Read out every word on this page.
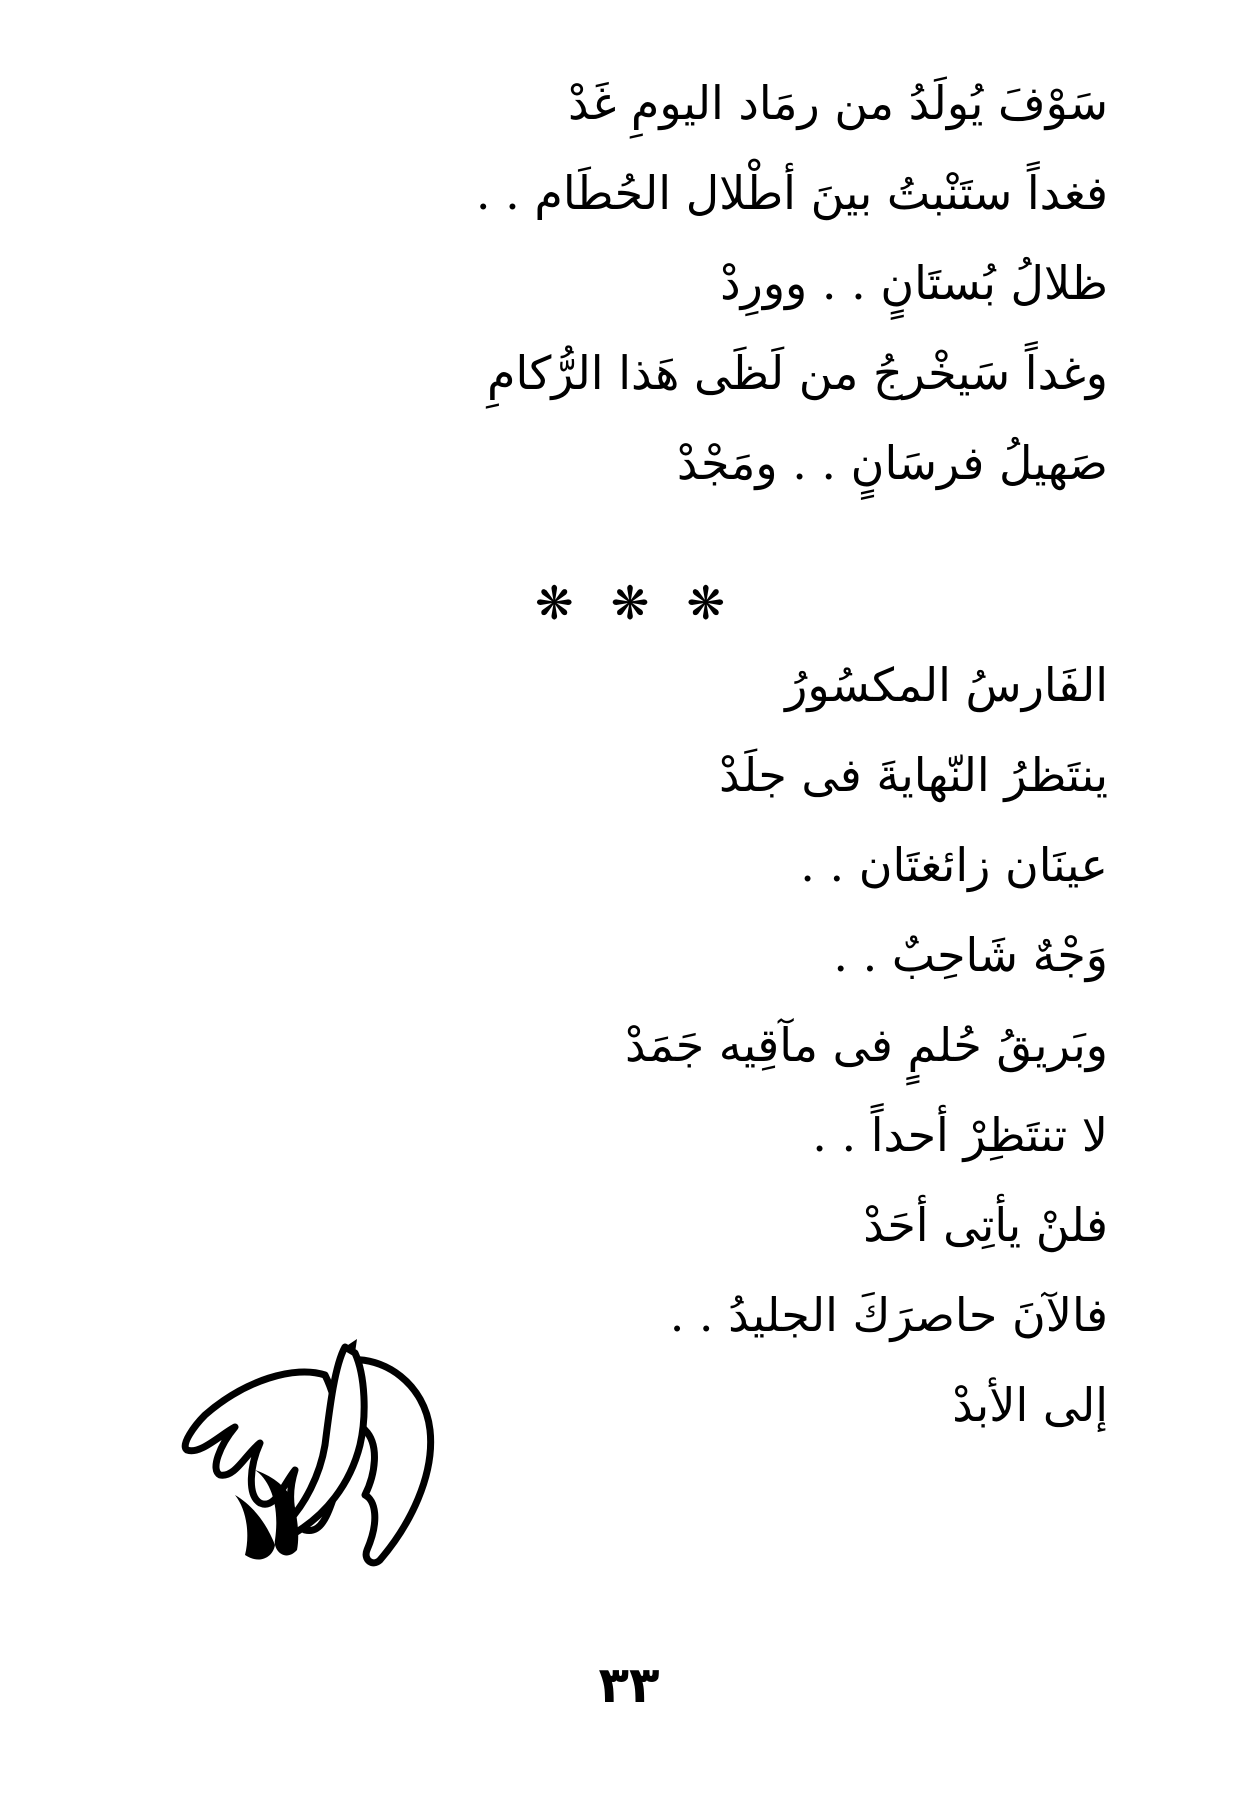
سَوْفَ يُولَدُ من رمَاد اليومِ غَدْ

فغداً ستَنْبتُ بينَ أطْلال الحُطَام . .

ظلالُ بُستَانٍ . . وورِدْ

وغداً سَيخْرجُ من لَظَى هَذا الرُّكامِ

صَهيلُ فرسَانٍ . . ومَجْدْ

❋ ❋ ❋

الفَارسُ المكسُورُ

ينتَظرُ النّهايةَ فى جلَدْ

عينَان زائغتَان . .

وَجْهٌ شَاحِبٌ . .

وبَريقُ حُلمٍ فى مآقِيه جَمَدْ

لا تنتَظِرْ أحداً . .

فلنْ يأتِى أحَدْ

فالآنَ حاصرَكَ الجليدُ . .

إلى الأبدْ

٣٣
